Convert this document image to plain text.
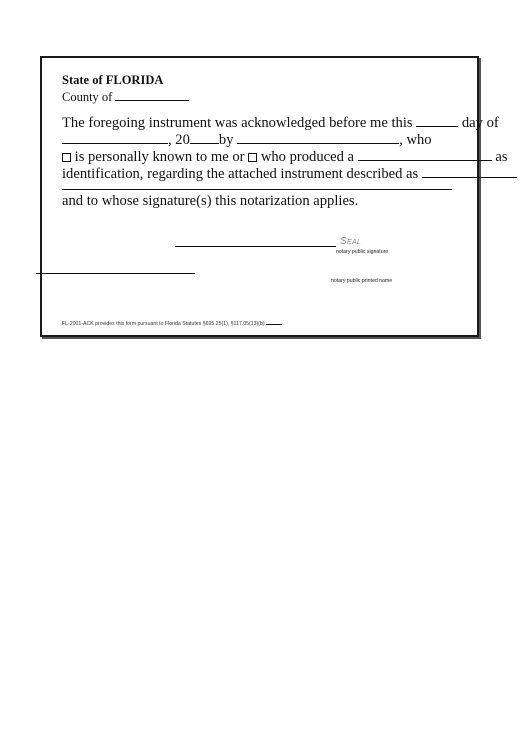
State of FLORIDA
County of
The foregoing instrument was acknowledged before me this	day of
, 20 by	, who
is personally known to me or who produced a	as
identification, regarding the attached instrument described as
and to whose signature(s) this notarization applies.
Seal
notary public signature
notary public printed name
FL-2001-ACK provides this form pursuant to Florida Statutes §695.25(1), §117.05(13)(b)
